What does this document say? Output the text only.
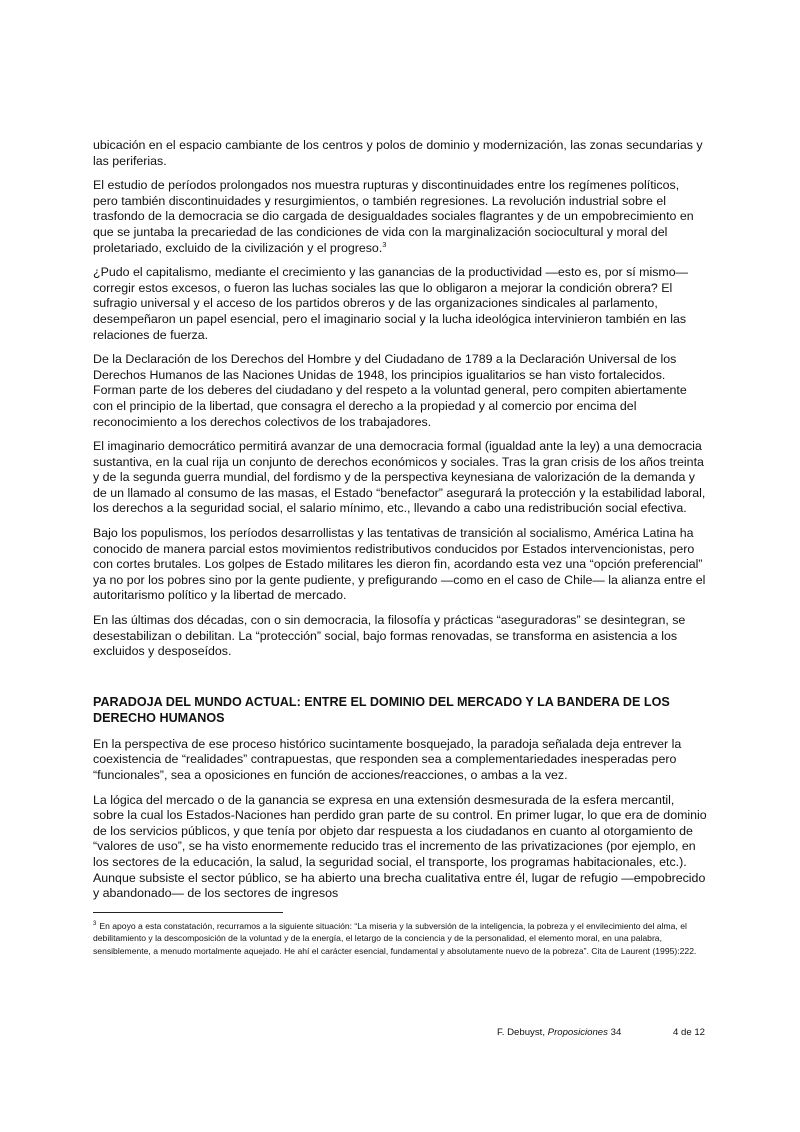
ubicación en el espacio cambiante de los centros y polos de dominio y modernización, las zonas secundarias y las periferias.

El estudio de períodos prolongados nos muestra rupturas y discontinuidades entre los regímenes políticos, pero también discontinuidades y resurgimientos, o también regresiones. La revolución industrial sobre el trasfondo de la democracia se dio cargada de desigualdades sociales flagrantes y de un empobrecimiento en que se juntaba la precariedad de las condiciones de vida con la marginalización sociocultural y moral del proletariado, excluido de la civilización y el progreso.$^3$

¿Pudo el capitalismo, mediante el crecimiento y las ganancias de la productividad —esto es, por sí mismo— corregir estos excesos, o fueron las luchas sociales las que lo obligaron a mejorar la condición obrera? El sufragio universal y el acceso de los partidos obreros y de las organizaciones sindicales al parlamento, desempeñaron un papel esencial, pero el imaginario social y la lucha ideológica intervinieron también en las relaciones de fuerza.

De la Declaración de los Derechos del Hombre y del Ciudadano de 1789 a la Declaración Universal de los Derechos Humanos de las Naciones Unidas de 1948, los principios igualitarios se han visto fortalecidos. Forman parte de los deberes del ciudadano y del respeto a la voluntad general, pero compiten abiertamente con el principio de la libertad, que consagra el derecho a la propiedad y al comercio por encima del reconocimiento a los derechos colectivos de los trabajadores.

El imaginario democrático permitirá avanzar de una democracia formal (igualdad ante la ley) a una democracia sustantiva, en la cual rija un conjunto de derechos económicos y sociales. Tras la gran crisis de los años treinta y de la segunda guerra mundial, del fordismo y de la perspectiva keynesiana de valorización de la demanda y de un llamado al consumo de las masas, el Estado “benefactor” asegurará la protección y la estabilidad laboral, los derechos a la seguridad social, el salario mínimo, etc., llevando a cabo una redistribución social efectiva.

Bajo los populismos, los períodos desarrollistas y las tentativas de transición al socialismo, América Latina ha conocido de manera parcial estos movimientos redistributivos conducidos por Estados intervencionistas, pero con cortes brutales. Los golpes de Estado militares les dieron fin, acordando esta vez una “opción preferencial” ya no por los pobres sino por la gente pudiente, y prefigurando —como en el caso de Chile— la alianza entre el autoritarismo político y la libertad de mercado.

En las últimas dos décadas, con o sin democracia, la filosofía y prácticas “aseguradoras” se desintegran, se desestabilizan o debilitan. La “protección” social, bajo formas renovadas, se transforma en asistencia a los excluidos y desposeídos.

PARADOJA DEL MUNDO ACTUAL: ENTRE EL DOMINIO DEL MERCADO Y LA BANDERA DE LOS DERECHO HUMANOS

En la perspectiva de ese proceso histórico sucintamente bosquejado, la paradoja señalada deja entrever la coexistencia de “realidades” contrapuestas, que responden sea a complementariedades inesperadas pero “funcionales”, sea a oposiciones en función de acciones/reacciones, o ambas a la vez.

La lógica del mercado o de la ganancia se expresa en una extensión desmesurada de la esfera mercantil, sobre la cual los Estados-Naciones han perdido gran parte de su control. En primer lugar, lo que era de dominio de los servicios públicos, y que tenía por objeto dar respuesta a los ciudadanos en cuanto al otorgamiento de “valores de uso”, se ha visto enormemente reducido tras el incremento de las privatizaciones (por ejemplo, en los sectores de la educación, la salud, la seguridad social, el transporte, los programas habitacionales, etc.). Aunque subsiste el sector público, se ha abierto una brecha cualitativa entre él, lugar de refugio —empobrecido y abandonado— de los sectores de ingresos

$^3$ En apoyo a esta constatación, recurramos a la siguiente situación: “La miseria y la subversión de la inteligencia, la pobreza y el envilecimiento del alma, el debilitamiento y la descomposición de la voluntad y de la energía, el letargo de la conciencia y de la personalidad, el elemento moral, en una palabra, sensiblemente, a menudo mortalmente aquejado. He ahí el carácter esencial, fundamental y absolutamente nuevo de la pobreza”. Cita de Laurent (1995):222.

F. Debuyst, Proposiciones 34	4 de 12
